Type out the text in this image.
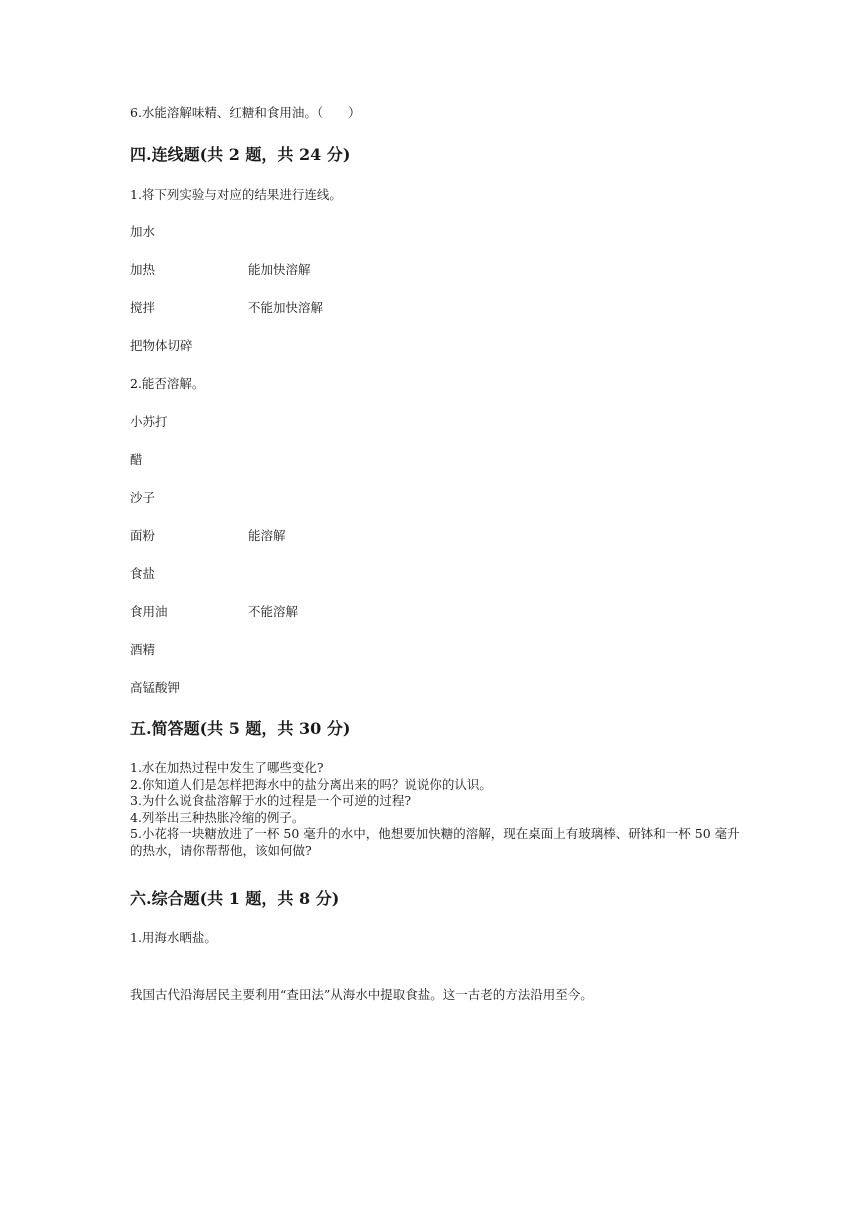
6.水能溶解味精、红糖和食用油。（　　）
四.连线题(共 2 题，共 24 分)
1.将下列实验与对应的结果进行连线。
加水
加热	能加快溶解
搅拌	不能加快溶解
把物体切碎
2.能否溶解。
小苏打
醋
沙子
面粉	能溶解
食盐
食用油	不能溶解
酒精
高锰酸钾
五.简答题(共 5 题，共 30 分)
1.水在加热过程中发生了哪些变化?
2.你知道人们是怎样把海水中的盐分离出来的吗？说说你的认识。
3.为什么说食盐溶解于水的过程是一个可逆的过程?
4.列举出三种热胀冷缩的例子。
5.小花将一块糖放进了一杯 50 毫升的水中，他想要加快糖的溶解，现在桌面上有玻璃棒、研钵和一杯 50 毫升的热水，请你帮帮他，该如何做?
六.综合题(共 1 题，共 8 分)
1.用海水晒盐。
我国古代沿海居民主要利用“查田法”从海水中提取食盐。这一古老的方法沿用至今。
